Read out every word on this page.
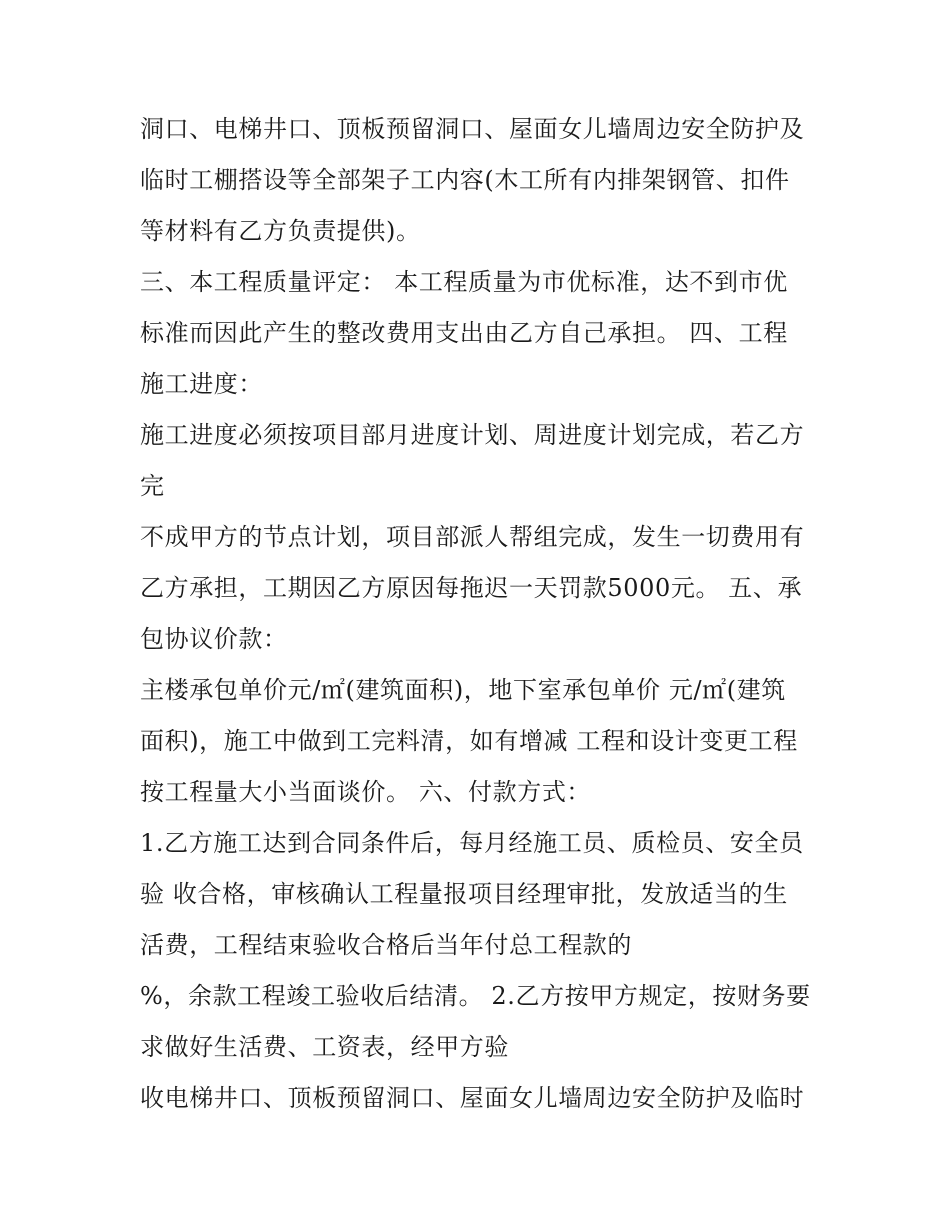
洞口、电梯井口、顶板预留洞口、屋面女儿墙周边安全防护及
临时工棚搭设等全部架子工内容(木工所有内排架钢管、扣件
等材料有乙方负责提供)。
三、本工程质量评定： 本工程质量为市优标准，达不到市优
标准而因此产生的整改费用支出由乙方自己承担。 四、工程
施工进度：
施工进度必须按项目部月进度计划、周进度计划完成，若乙方
完
不成甲方的节点计划，项目部派人帮组完成，发生一切费用有
乙方承担，工期因乙方原因每拖迟一天罚款5000元。 五、承
包协议价款：
主楼承包单价元/㎡(建筑面积)，地下室承包单价 元/㎡(建筑
面积)，施工中做到工完料清，如有增减 工程和设计变更工程
按工程量大小当面谈价。 六、付款方式：
1.乙方施工达到合同条件后，每月经施工员、质检员、安全员
验 收合格，审核确认工程量报项目经理审批，发放适当的生
活费，工程结束验收合格后当年付总工程款的
%，余款工程竣工验收后结清。 2.乙方按甲方规定，按财务要
求做好生活费、工资表，经甲方验
收电梯井口、顶板预留洞口、屋面女儿墙周边安全防护及临时
